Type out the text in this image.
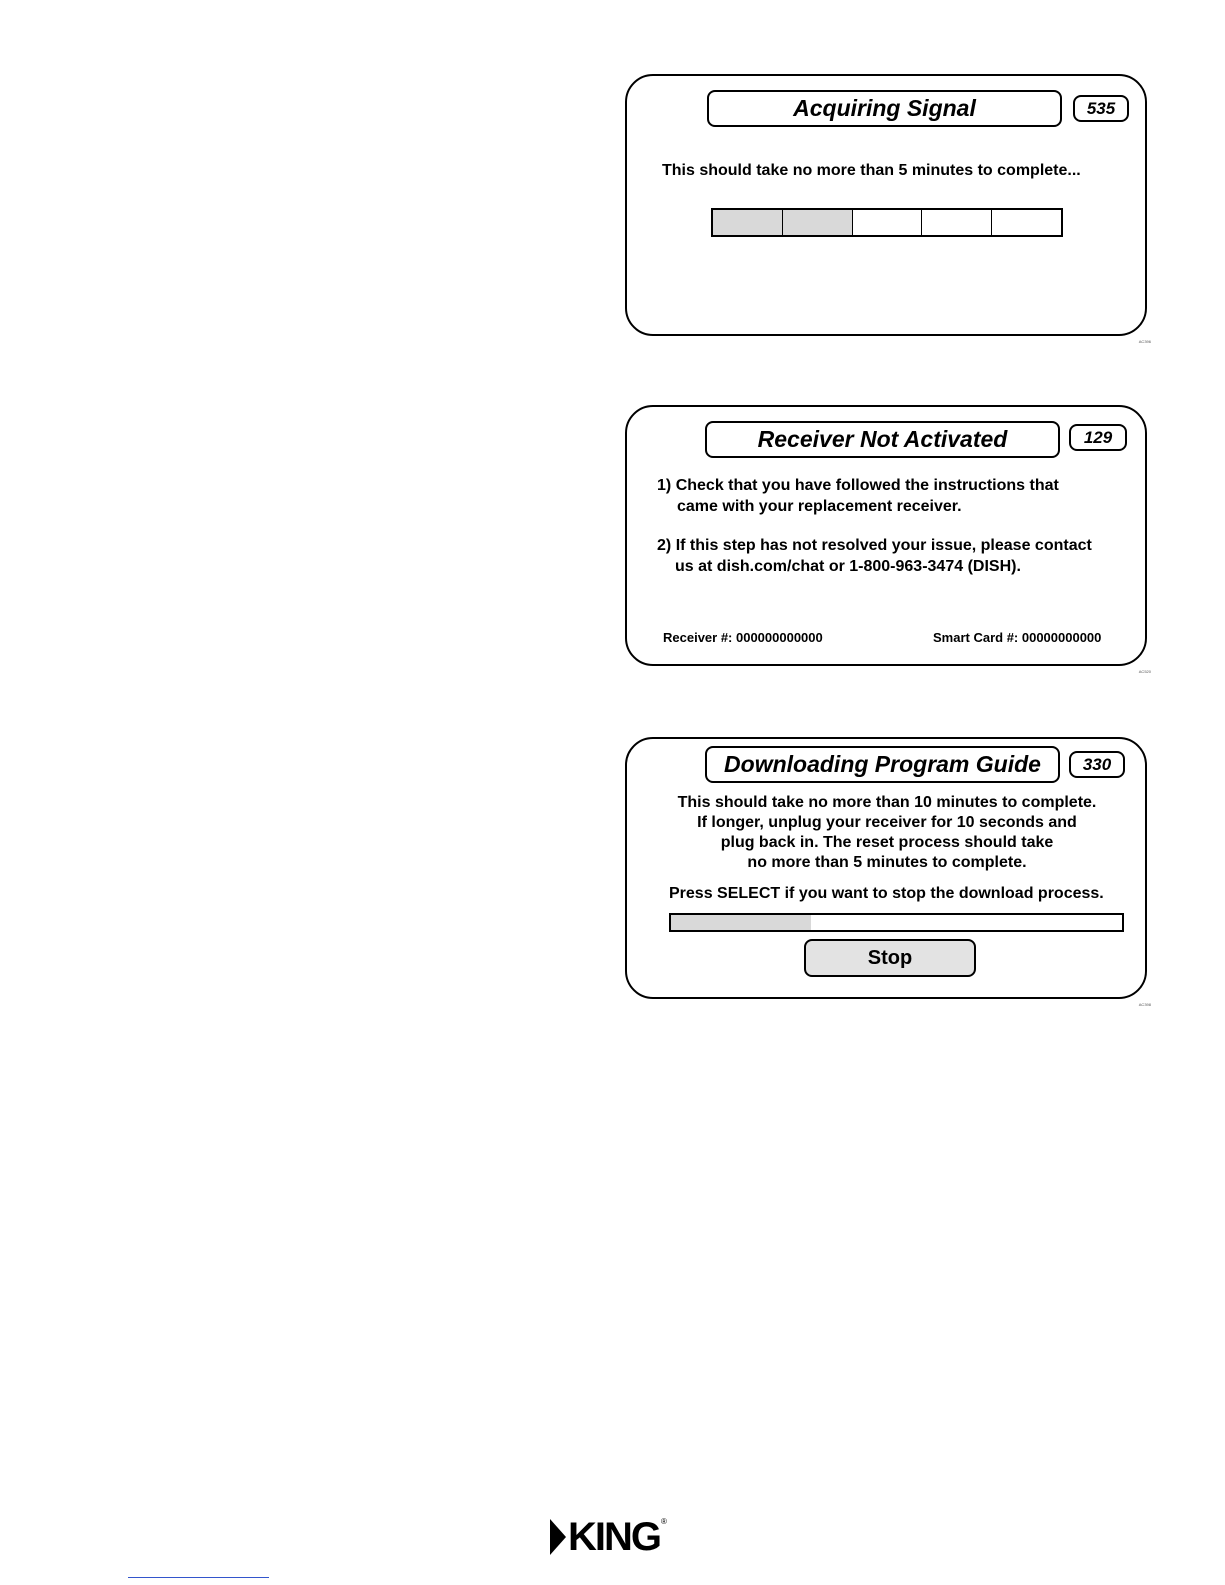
Acquiring Signal	535
This should take no more than 5 minutes to complete...
AC396
Receiver Not Activated	129
1) Check that you have followed the instructions that
came with your replacement receiver.
2) If this step has not resolved your issue, please contact
us at dish.com/chat or 1-800-963-3474 (DISH).
Receiver #: 000000000000	Smart Card #: 00000000000
AC520
Downloading Program Guide	330
This should take no more than 10 minutes to complete.
If longer, unplug your receiver for 10 seconds and
plug back in. The reset process should take
no more than 5 minutes to complete.
Press SELECT if you want to stop the download process.
Stop
AC398
KING ®
